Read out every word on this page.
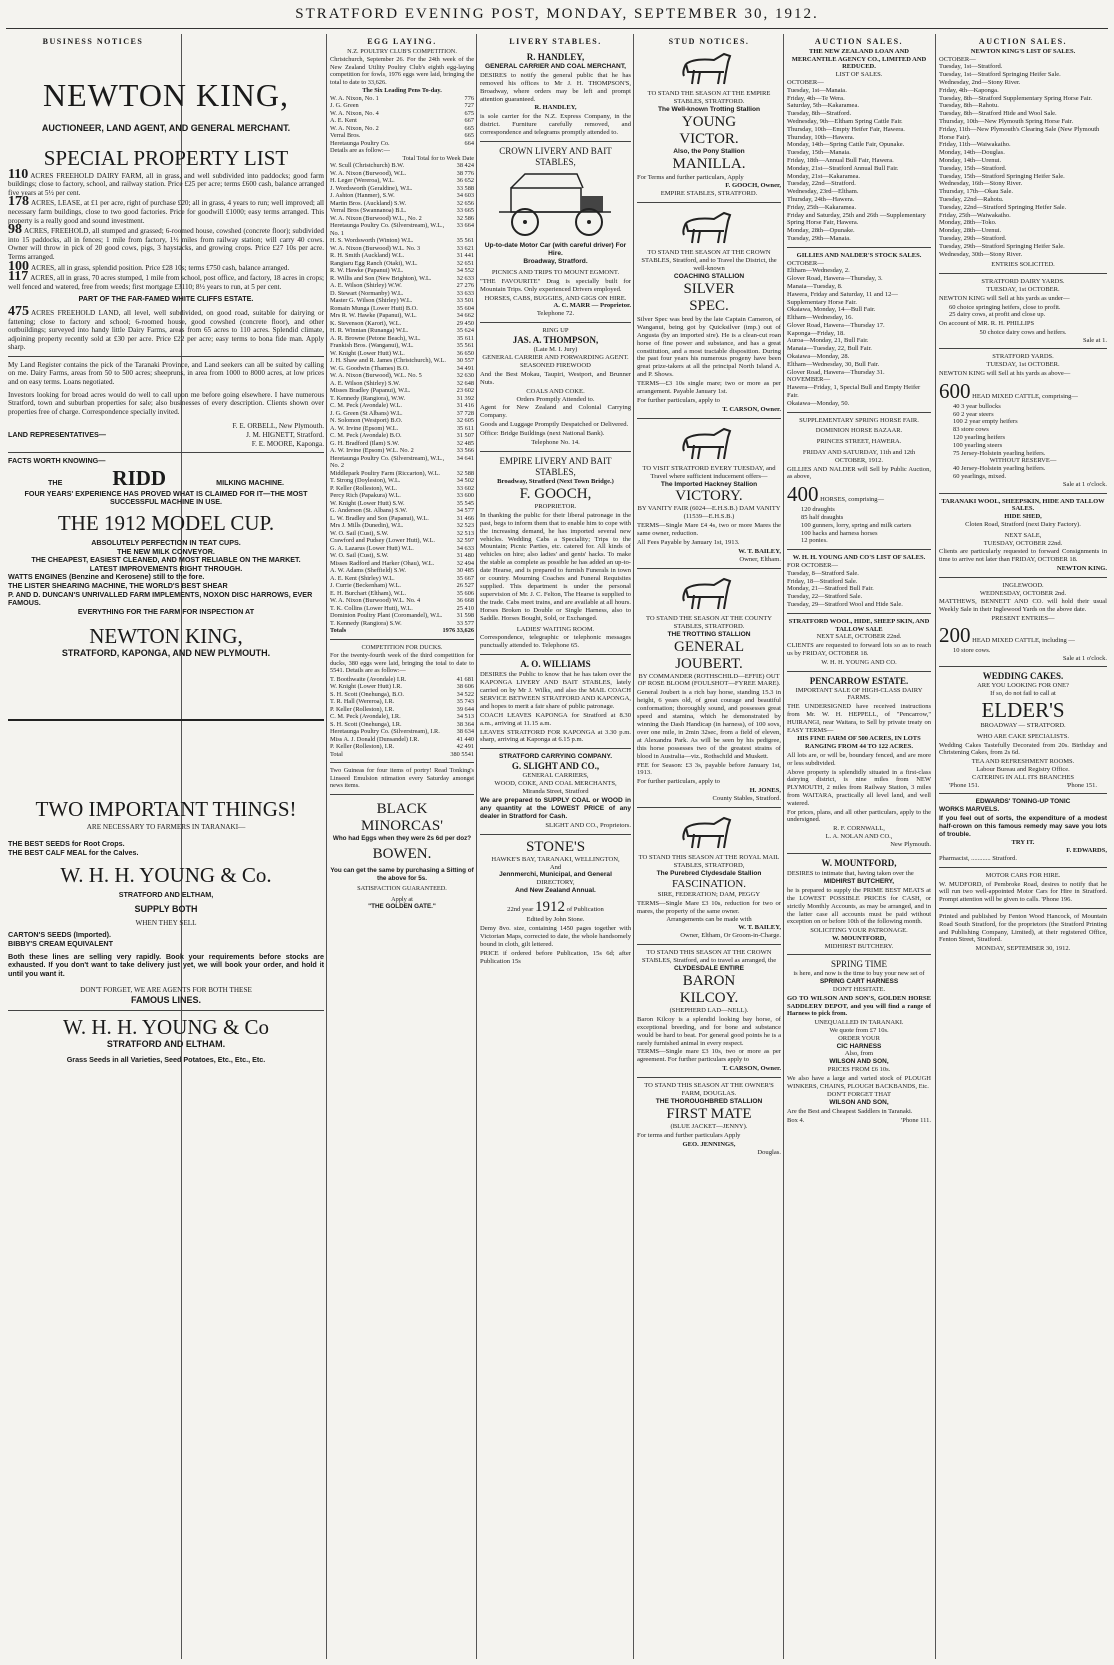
STRATFORD EVENING POST, MONDAY, SEPTEMBER 30, 1912.
BUSINESS NOTICES
NEWTON KING,
AUCTIONEER, LAND AGENT, AND GENERAL MERCHANT.
SPECIAL PROPERTY LIST
110 ACRES FREEHOLD DAIRY FARM, all in grass, and well subdivided into paddocks; good farm buildings; close to factory, school, and railway station. Price £25 per acre; terms £600 cash, balance arranged five years at 5½ per cent.
178 ACRES, LEASE, at £1 per acre, right of purchase £20; all in grass, 4 years to run; well improved; all necessary farm buildings, close to two good factories. Price for goodwill £1000; easy terms arranged. This property is a really good and sound investment.
98 ACRES, FREEHOLD, all stumped and grassed; 6-roomed house, cowshed (concrete floor); subdivided into 15 paddocks, all in fences; 1 mile from factory, 1½ miles from railway station; will carry 40 cows. Owner will throw in pick of 20 good cows, pigs, 3 haystacks, and growing crops. Price £27 10s per acre. Terms arranged.
100 ACRES, all in grass, splendid position. Price £28 10s; terms £750 cash, balance arranged.
117 ACRES, all in grass, 70 acres stumped, 1 mile from school, post office, and factory, 18 acres in crops; well fenced and watered, free from weeds; first mortgage £3110; 8½ years to run, at 5 per cent.
PART OF THE FAR-FAMED WHITE CLIFFS ESTATE.
475 ACRES FREEHOLD LAND, all level, well subdivided, on good road, suitable for dairying or fattening; close to factory and school; 6-roomed house, good cowshed (concrete floor), and other outbuildings; surveyed into handy little Dairy Farms, areas from 65 acres to 110 acres. Splendid climate, adjoining property recently sold at £30 per acre. Price £22 per acre; easy terms to bona fide man. Apply sharp.
My Land Register contains the pick of the Taranaki Province, and Land seekers can all be suited by calling on me. Dairy Farms, areas from 50 to 500 acres; sheepruns, in area from 1000 to 8000 acres, at low prices and on easy terms. Loans negotiated.
Investors looking for broad acres would do well to call upon me before going elsewhere. I have numerous Stratford, town and suburban properties for sale; also businesses of every description. Clients shown over properties free of charge. Correspondence specially invited.
F. E. ORBELL, New Plymouth.
LAND REPRESENTATIVES—	J. M. HIGNETT, Stratford.
F. E. MOORE, Kaponga.
FACTS WORTH KNOWING—
THE RIDD	MILKING MACHINE.
FOUR YEARS' EXPERIENCE HAS PROVED WHAT IS CLAIMED FOR IT—THE MOST SUCCESSFUL MACHINE IN USE.
THE 1912 MODEL CUP.
ABSOLUTELY PERFECTION IN TEAT CUPS.
THE NEW MILK CONVEYOR.
THE CHEAPEST, EASIEST CLEANED, AND MOST RELIABLE ON THE MARKET.
LATEST IMPROVEMENTS RIGHT THROUGH.
WATTS ENGINES (Benzine and Kerosene) still to the fore.
THE LISTER SHEARING MACHINE, THE WORLD'S BEST SHEAR
P. AND D. DUNCAN'S UNRIVALLED FARM IMPLEMENTS, NOXON DISC HARROWS, EVER FAMOUS.
EVERYTHING FOR THE FARM FOR INSPECTION AT
NEWTON KING,
STRATFORD, KAPONGA, AND NEW PLYMOUTH.
TWO IMPORTANT THINGS!
ARE NECESSARY TO FARMERS IN TARANAKI—
THE BEST SEEDS for Root Crops.
THE BEST CALF MEAL for the Calves.
W. H. H. YOUNG & Co.
STRATFORD AND ELTHAM,
SUPPLY BOTH
WHEN THEY SELL
CARTON'S SEEDS (Imported).
BIBBY'S CREAM EQUIVALENT
Both these lines are selling very rapidly. Book your requirements before stocks are exhausted. If you don't want to take delivery just yet, we will book your order, and hold it until you want it.
DON'T FORGET, WE ARE AGENTS FOR BOTH THESE
FAMOUS LINES.
W. H. H. YOUNG & Co
STRATFORD AND ELTHAM.
Grass Seeds in all Varieties, Seed Potatoes, Etc., Etc., Etc.
EGG LAYING.
N.Z. POULTRY CLUB'S COMPETITION.
Christchurch, September 26. For the 24th week of the New Zealand Utility Poultry Club's eighth egg-laying competition for fowls, 1976 eggs were laid, bringing the total to date to 33,626.
The Six Leading Pens To-day.
W. A. Nixon, No. 1	776
J. G. Green	727
W. A. Nixon, No. 4	675
A. E. Kent	667
W. A. Nixon, No. 2	665
Verral Bros.	665
Heretaunga Poultry Co.	664
Details are as follow:—
Total Total for to Week Date
W. Scull (Christchurch) B.W.	38 424
W. A. Nixon (Burwood), W.L.	38 776
H. Leger (Wereroa), W.L.	36 652
J. Wordsworth (Geraldine), W.L.	33 588
J. Ashton (Hanmer), S.W.	34 603
Martin Bros. (Auckland) S.W.	32 656
Verral Bros (Swannanoa) B.L.	33 665
W. A. Nixon (Burwood) W.L., No. 2	32 586
Heretaunga Poultry Co. (Silverstream), W.L., No. 1
33 664
H. S. Wordsworth (Winton) W.L.	35 561
W. A. Nixon (Burwood) W.L. No. 3	33 621
R. H. Smith (Auckland) W.L.	31 441
Rangiaru Egg Ranch (Otaki), W.L.	32 651
R. W. Hawke (Papanui) W.L.	34 552
R. Willis and Son (New Brighton), W.L.	32 633
A. E. Wilson (Shirley) W.W.	27 276
D. Stewart (Normanby) W.L.	33 633
Master G. Wilson (Shirley) W.L.	33 501
Romain Munga (Lower Hutt) B.O.	35 604
Mrs R. W. Hawke (Papanui), W.L.	34 662
K. Stevenson (Karori), W.L.	29 450
H. R. Winnian (Runanga) W.L.	35 624
A. R. Browne (Petone Beach), W.L.	35 611
Frankish Bros. (Wanganui), W.L.	35 561
W. Knight (Lower Hutt) W.L.	36 650
J. H. Shaw and R. James (Christchurch), W.L.	30 557
W. G. Goodwin (Thames) B.O.	34 491
W. A. Nixon (Burwood), W.L. No. 5	32 630
A. E. Wilson (Shirley) S.W.	32 648
Misses Bradley (Papanui), W.L.	23 602
T. Kennedy (Rangiora), W.W.	31 392
C. M. Peck (Avondale) W.L.	31 416
J. G. Green (St Albans) W.L.	37 728
N. Solomon (Westport) B.O.	32 605
A. W. Irvine (Epsom) W.L.	35 611
C. M. Peck (Avondale) B.O.	31 507
G. H. Bradford (Ilam) S.W.	32 485
A. W. Irvine (Epsom) W.L. No. 2	33 566
Heretaunga Poultry Co. (Silverstream), W.L., No. 2
34 641
Middlepark Poultry Farm (Riccarton), W.L.	32 588
T. Strong (Doyleston), W.L.	34 502
P. Keller (Rolleston), W.L.	33 602
Percy Rich (Papakura) W.L.	33 600
W. Knight (Lower Hutt) S.W.	35 545
G. Anderson (St. Albans) S.W.	34 577
L. W. Bradley and Son (Papanui), W.L.	31 466
Mrs J. Mills (Dunedin), W.L.	32 523
W. O. Sail (Cust), S.W.	32 513
Crawford and Pudsey (Lower Hutt), W.L.	32 597
G. A. Lazarus (Lower Hutt) W.L.	34 633
W. O. Sail (Cust), S.W.	31 480
Misses Radford and Harker (Ohau), W.L.	32 494
A. W. Adams (Sheffield) S.W.	30 485
A. E. Kent (Shirley) W.L.	35 667
J. Currie (Beckenham) W.L.	26 527
E. H. Burchart (Eltham), W.L.	35 606
W. A. Nixon (Burwood) W.L. No. 4	36 668
T. K. Collins (Lower Hutt), W.L.	25 410
Dominion Poultry Plant (Coromandel), W.L.	31 598
T. Kennedy (Rangiora) S.W.	33 577
Totals	1976 33,626
COMPETITION FOR DUCKS.
For the twenty-fourth week of the third competition for ducks, 380 eggs were laid, bringing the total to date to 5541. Details are as follow:—
T. Boothwaite (Avondale) I.R.	41 681
W. Knight (Lower Hutt) I.R.	38 606
S. H. Scott (Onehunga), B.O.	34 522
T. R. Hall (Wereroa), I.R.	35 743
P. Keller (Rolleston), I.R.	39 644
C. M. Peck (Avondale), I.R.	34 513
S. H. Scott (Onehunga), I.R.	38 364
Heretaunga Poultry Co. (Silverstream), I.R.	38 634
Miss A. J. Donald (Dunsandel) I.R.	41 440
P. Keller (Rolleston), I.R.	42 491
Total	380 5541
Two Guineas for four items of portry! Read Tonking's Linseed Emulsion ntimation every Saturday amongst news items.
BLACK
MINORCAS'
Who had Eggs when they were 2s 6d per doz?
BOWEN.
You can get the same by purchasing a Sitting of the above for 5s.
SATISFACTION GUARANTEED.
Apply at
"THE GOLDEN GATE."
LIVERY STABLES.
R. HANDLEY,
GENERAL CARRIER AND COAL MERCHANT,
DESIRES to notify the general public that he has removed his offices to Mr J. H. THOMPSON'S, Broadway, where orders may be left and prompt attention guaranteed.
R. HANDLEY,
is sole carrier for the N.Z. Express Company, in the district. Furniture carefully removed, and correspondence and telegrams promptly attended to.
CROWN LIVERY AND BAIT STABLES,
Up-to-date Motor Car (with careful driver) For Hire.
Broadway, Stratford.
PICNICS AND TRIPS TO MOUNT EGMONT.
"THE FAVOURITE" Drag is specially built for Mountain Trips. Only experienced Drivers employed.
HORSES, CABS, BUGGIES, AND GIGS ON HIRE.
A. C. MARR — Proprietor.
Telephone 72.
RING UP
JAS. A. THOMPSON,
(Late M. I. Jury)
GENERAL CARRIER AND FORWARDING AGENT.
SEASONED FIREWOOD
And the Best Mokau, Taupiri, Westport, and Brunner Nuts.
COALS AND COKE.
Orders Promptly Attended to.
Agent for New Zealand and Colonial Carrying Company.
Goods and Luggage Promptly Despatched or Delivered.
Office: Bridge Buildings (next National Bank).
Telephone No. 14.
EMPIRE LIVERY AND BAIT STABLES,
Broadway, Stratford (Next Town Bridge.)
F. GOOCH,
PROPRIETOR.
In thanking the public for their liberal patronage in the past, begs to inform them that to enable him to cope with the increasing demand, he has imported several new vehicles. Wedding Cabs a Speciality; Trips to the Mountain; Picnic Parties, etc. catered for. All kinds of vehicles on hire; also ladies' and gents' hacks. To make the stable as complete as possible he has added an up-to-date Hearse, and is prepared to furnish Funerals in town or country. Mourning Coaches and Funeral Requisites supplied. This department is under the personal supervision of Mr. J. C. Felton, The Hearse is supplied to the trade. Cabs meet trains, and are available at all hours. Horses Broken to Double or Single Harness, also to Saddle. Horses Bought, Sold, or Exchanged.
LADIES' WAITING ROOM.
Correspondence, telegraphic or telephonic messages punctually attended to. Telephone 65.
A. O. WILLIAMS
DESIRES the Public to know that he has taken over the KAPONGA LIVERY AND BAIT STABLES, lately carried on by Mr J. Wilks, and also the MAIL COACH SERVICE BETWEEN STRATFORD AND KAPONGA, and hopes to merit a fair share of public patronage.
COACH LEAVES KAPONGA for Stratford at 8.30 a.m., arriving at 11.15 a.m.
LEAVES STRATFORD FOR KAPONGA at 3.30 p.m. sharp, arriving at Kaponga at 6.15 p.m.
STRATFORD CARRYING COMPANY.
G. SLIGHT AND CO.,
GENERAL CARRIERS,
WOOD, COKE, AND COAL MERCHANTS,
Miranda Street, Stratford
We are prepared to SUPPLY COAL or WOOD in any quantity at the LOWEST PRICE of any dealer in Stratford for Cash.
SLIGHT AND CO., Proprietors.
STONE'S
HAWKE'S BAY, TARANAKI, WELLINGTON,
And
Jennmerchi, Municipal, and General
DIRECTORY,
And New Zealand Annual.
22nd year 1912 of Publication
Edited by John Stone.
Demy 8vo. size, containing 1450 pages together with Victorian Maps, corrected to date, the whole handsomely bound in cloth, gilt lettered.
PRICE if ordered before Publication, 15s 6d; after Publication 15s
STUD NOTICES.
TO STAND THE SEASON AT THE EMPIRE STABLES, STRATFORD.
The Well-known Trotting Stallion
YOUNG
VICTOR.
Also, the Pony Stallion
MANILLA.
For Terms and further particulars, Apply
F. GOOCH, Owner,
EMPIRE STABLES, STRATFORD.
TO STAND THE SEASON AT THE CROWN STABLES, Stratford, and to Travel the District, the well-known
COACHING STALLION
SILVER
SPEC.
Silver Spec was bred by the late Captain Cameron, of Wanganui, being got by Quicksilver (imp.) out of Angusta (by an imported sire). He is a clean-cut roan horse of fine power and substance, and has a great constitution, and a most tractable disposition. During the past four years his numerous progeny have been great prize-takers at all the principal North Island A. and P. Shows.
TERMS—£3 10s single mare; two or more as per arrangement. Payable January 1st.
For further particulars, apply to
T. CARSON, Owner.
TO VISIT STRATFORD EVERY TUESDAY, and Travel where sufficient inducement offers—
The Imported Hackney Stallion
VICTORY.
BY VANITY FAIR (6024—E.H.S.B.) DAM VANITY (11539—E.H.S.B.)
TERMS—Single Mare £4 4s, two or more Mares the same owner, reduction.
All Fees Payable by January 1st, 1913.
W. T. BAILEY,
Owner, Eltham.
TO STAND THE SEASON AT THE COUNTY STABLES, STRATFORD.
THE TROTTING STALLION
GENERAL
JOUBERT.
BY COMMANDER (ROTHSCHILD—EFFIE) OUT OF ROSE BLOOM (FOULSHOT—FYREE MARE).
General Joubert is a rich bay horse, standing 15.3 in height, 6 years old, of great courage and beautiful conformation; thoroughly sound, and possesses great speed and stamina, which he demonstrated by winning the Dash Handicap (in harness), of 100 sovs, over one mile, in 2min 32sec, from a field of eleven, at Alexandra Park. As will be seen by his pedigree, this horse possesses two of the greatest strains of blood in Australia—viz., Rothschild and Muskett.
FEE for Season: £3 3s, payable before January 1st, 1913.
For further particulars, apply to
H. JONES,
County Stables, Stratford.
TO STAND THIS SEASON AT THE ROYAL MAIL STABLES, STRATFORD,
The Purebred Clydesdale Stallion
FASCINATION.
SIRE, FEDERATION; DAM, PEGGY
TERMS—Single Mare £3 10s, reduction for two or mares, the property of the same owner.
Arrangements can be made with
W. T. BAILEY,
Owner, Eltham, Or Groom-in-Charge.
TO STAND THIS SEASON AT THE CROWN STABLES, Stratford, and to travel as arranged, the
CLYDESDALE ENTIRE
BARON
KILCOY.
(SHEPHERD LAD—NELL).
Baron Kilcoy is a splendid looking bay horse, of exceptional breeding, and for bone and substance would be hard to beat. For general good points he is a rarely furnished animal in every respect.
TERMS—Single mare £3 10s, two or more as per agreement. For further particulars apply to
T. CARSON, Owner.
TO STAND THIS SEASON AT THE OWNER'S FARM, DOUGLAS.
THE THOROUGHBRED STALLION
FIRST MATE
(BLUE JACKET—JENNY).
For terms and further particulars Apply
GEO. JENNINGS,
Douglas.
AUCTION SALES.
THE NEW ZEALAND LOAN AND MERCANTILE AGENCY CO., LIMITED AND REDUCED.
LIST OF SALES.
OCTOBER—
Tuesday, 1st—Manaia.
Friday, 4th—Te Wera.
Saturday, 5th—Kakaramea.
Tuesday, 8th—Stratford.
Wednesday, 9th—Eltham Spring Cattle Fair.
Thursday, 10th—Empty Heifer Fair, Hawera.
Thursday, 10th—Hawera.
Monday, 14th—Spring Cattle Fair, Opunake.
Tuesday, 15th—Manaia.
Friday, 18th—Annual Bull Fair, Hawera.
Monday, 21st—Stratford Annual Bull Fair.
Monday, 21st—Kakaramea.
Tuesday, 22nd—Stratford.
Wednesday, 23rd—Eltham.
Thursday, 24th—Hawera.
Friday, 25th—Kakaramea.
Friday and Saturday, 25th and 26th —Supplementary Spring Horse Fair, Hawera.
Monday, 28th—Opunake.
Tuesday, 29th—Manaia.
GILLIES AND NALDER'S STOCK SALES.
OCTOBER—
Eltham—Wednesday, 2.
Glover Road, Hawera—Thursday, 3.
Manaia—Tuesday, 8.
Hawera, Friday and Saturday, 11 and 12—Supplementary Horse Fair.
Okaiawa, Monday, 14—Bull Fair.
Eltham—Wednesday, 16.
Glover Road, Hawera—Thursday 17.
Kaponga—Friday, 18.
Auroa—Monday, 21, Bull Fair.
Manaia—Tuesday, 22, Bull Fair.
Okaiawa—Monday, 28.
Eltham—Wednesday, 30, Bull Fair.
Glover Road, Hawera—Thursday 31.
NOVEMBER—
Hawera—Friday, 1, Special Bull and Empty Heifer Fair.
Okaiawa—Monday, 50.
SUPPLEMENTARY SPRING HORSE FAIR.
DOMINION HORSE BAZAAR.
PRINCES STREET, HAWERA.
FRIDAY AND SATURDAY, 11th and 12th OCTOBER, 1912.
GILLIES AND NALDER will Sell by Public Auction, as above,
400 HORSES, comprising—
120 draughts
85 half draughts
100 gunners, lorry, spring and milk carters
100 hacks and harness horses
12 ponies.
W. H. H. YOUNG AND CO'S LIST OF SALES.
FOR OCTOBER—
Tuesday, 8—Stratford Sale.
Friday, 18—Stratford Sale.
Monday, 21—Stratford Bull Fair.
Tuesday, 22—Stratford Sale.
Tuesday, 29—Stratford Wool and Hide Sale.
STRATFORD WOOL, HIDE, SHEEP SKIN, AND TALLOW SALE
NEXT SALE, OCTOBER 22nd.
CLIENTS are requested to forward lots so as to reach us by FRIDAY, OCTOBER 18.
W. H. H. YOUNG AND CO.
PENCARROW ESTATE.
IMPORTANT SALE OF HIGH-CLASS DAIRY FARMS.
THE UNDERSIGNED have received instructions from Mr. W. H. HEPPELL, of "Pencarrow," HUIRANGI, near Waitara, to Sell by private treaty on EASY TERMS—
HIS FINE FARM OF 500 ACRES, IN LOTS RANGING FROM 44 TO 122 ACRES.
All lots are, or will be, boundary fenced, and are more or less subdivided.
Above property is splendidly situated in a first-class dairying district, is nine miles from NEW PLYMOUTH, 2 miles from Railway Station, 3 miles from WAITARA, practically all level land, and well watered.
For prices, plans, and all other particulars, apply to the undersigned.
R. F. CORNWALL,
L. A. NOLAN AND CO.,
New Plymouth.
W. MOUNTFORD,
DESIRES to intimate that, having taken over the
MIDHIRST BUTCHERY,
he is prepared to supply the PRIME BEST MEATS at the LOWEST POSSIBLE PRICES for CASH, or strictly Monthly Accounts, as may be arranged, and in the latter case all accounts must be paid without exception on or before 10th of the following month.
SOLICITING YOUR PATRONAGE.
W. MOUNTFORD,
MIDHIRST BUTCHERY.
SPRING TIME
is here, and now is the time to buy your new set of
SPRING CART HARNESS
DON'T HESITATE.
GO TO WILSON AND SON'S, GOLDEN HORSE SADDLERY DEPOT, and you will find a range of Harness to pick from.
UNEQUALLED IN TARANAKI.
We quote from £7 10s.
ORDER YOUR
CIC HARNESS
Also, from
WILSON AND SON,
PRICES FROM £6 10s.
We also have a large and varied stock of PLOUGH WINKERS, CHAINS, PLOUGH BACKBANDS, Etc.
DON'T FORGET THAT
WILSON AND SON,
Are the Best and Cheapest Saddlers in Taranaki.
Box 4.	'Phone 111.
AUCTION SALES.
NEWTON KING'S LIST OF SALES.
OCTOBER—
Tuesday, 1st—Stratford.
Tuesday, 1st—Stratford Springing Heifer Sale.
Wednesday, 2nd—Stony River.
Friday, 4th—Kaponga.
Tuesday, 8th—Stratford Supplementary Spring Horse Fair.
Tuesday, 8th—Rahotu.
Tuesday, 8th—Stratford Hide and Wool Sale.
Thursday, 10th—New Plymouth Spring Horse Fair.
Friday, 11th—New Plymouth's Clearing Sale (New Plymouth Horse Fair).
Friday, 11th—Waiwakaiho.
Monday, 14th—Douglas.
Monday, 14th—Urenui.
Tuesday, 15th—Stratford.
Tuesday, 15th—Stratford Springing Heifer Sale.
Wednesday, 16th—Stony River.
Thursday, 17th—Okau Sale.
Tuesday, 22nd—Rahotu.
Tuesday, 22nd—Stratford Springing Heifer Sale.
Friday, 25th—Waiwakaiho.
Monday, 28th—Toko.
Monday, 28th—Urenui.
Tuesday, 29th—Stratford.
Tuesday, 29th—Stratford Springing Heifer Sale.
Wednesday, 30th—Stony River.
ENTRIES SOLICITED.
STRATFORD DAIRY YARDS.
TUESDAY, 1st OCTOBER.
NEWTON KING will Sell at his yards as under—
60 choice springing heifers, close to profit.
25 dairy cows, at profit and close up.
On account of MR. R. H. PHILLIPS
50 choice dairy cows and heifers.
Sale at 1.
STRATFORD YARDS.
TUESDAY, 1st OCTOBER.
NEWTON KING will Sell at his yards as above—
600 HEAD MIXED CATTLE, comprising—
40 3 year bullocks
60 2 year steers
100 2 year empty heifers
83 store cows
120 yearling heifers
100 yearling steers
75 Jersey-Holstein yearling heifers.
WITHOUT RESERVE—
40 Jersey-Holstein yearling heifers.
60 yearlings, mixed.
Sale at 1 o'clock.
TARANAKI WOOL, SHEEPSKIN, HIDE AND TALLOW SALES.
HIDE SHED,
Cloten Road, Stratford (next Dairy Factory).
NEXT SALE,
TUESDAY, OCTOBER 22nd.
Clients are particularly requested to forward Consignments in time to arrive not later than FRIDAY, OCTOBER 18.
NEWTON KING.
INGLEWOOD.
WEDNESDAY, OCTOBER 2nd.
MATTHEWS, BENNETT AND CO. will hold their usual Weekly Sale in their Inglewood Yards on the above date.
PRESENT ENTRIES—
200 HEAD MIXED CATTLE, including —
10 store cows.
Sale at 1 o'clock.
WEDDING CAKES.
ARE YOU LOOKING FOR ONE?
If so, do not fail to call at
ELDER'S
BROADWAY — STRATFORD.
WHO ARE CAKE SPECIALISTS.
Wedding Cakes Tastefully Decorated from 20s. Birthday and Christening Cakes, from 2s 6d.
TEA AND REFRESHMENT ROOMS.
Labour Bureau and Registry Office.
CATERING IN ALL ITS BRANCHES
'Phone 151.	'Phone 151.
EDWARDS' TONING-UP TONIC
WORKS MARVELS.
If you feel out of sorts, the expenditure of a modest half-crown on this famous remedy may save you lots of trouble.
TRY IT.
F. EDWARDS,
Pharmacist, ............ Stratford.
MOTOR CARS FOR HIRE.
W. MUDFORD, of Pembroke Road, desires to notify that he will run two well-appointed Motor Cars for Hire in Stratford. Prompt attention will be given to calls. 'Phone 196.
Printed and published by Fenton Wood Hancock, of Mountain Road South Stratford, for the proprietors (the Stratford Printing and Publishing Company, Limited), at their registered Office, Fenton Street, Stratford.
MONDAY, SEPTEMBER 30, 1912.
